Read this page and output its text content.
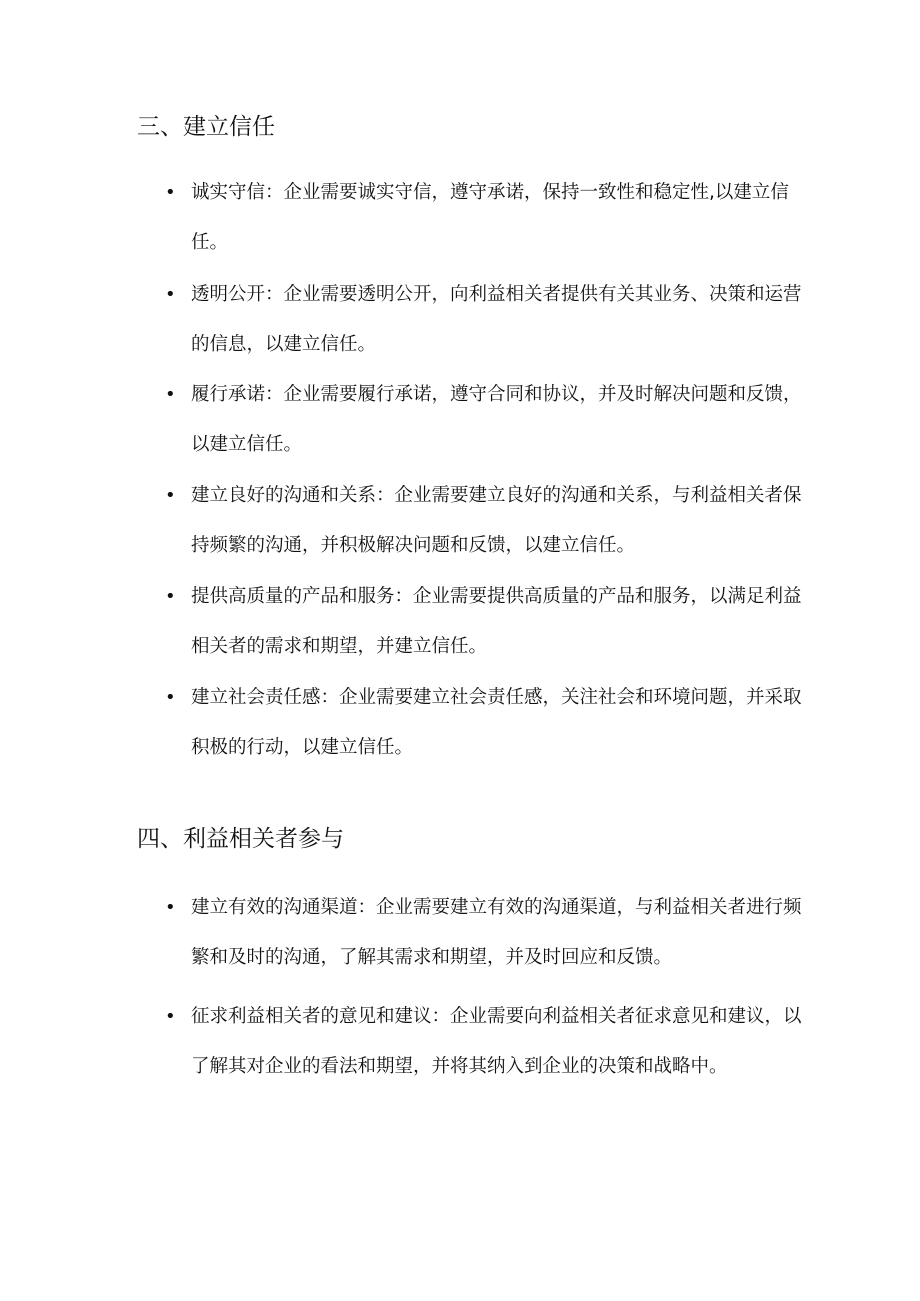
三、建立信任
• 诚实守信：企业需要诚实守信，遵守承诺，保持一致性和稳定性,以建立信任。
• 透明公开：企业需要透明公开，向利益相关者提供有关其业务、决策和运营的信息，以建立信任。
• 履行承诺：企业需要履行承诺，遵守合同和协议，并及时解决问题和反馈，以建立信任。
• 建立良好的沟通和关系：企业需要建立良好的沟通和关系，与利益相关者保持频繁的沟通，并积极解决问题和反馈，以建立信任。
• 提供高质量的产品和服务：企业需要提供高质量的产品和服务，以满足利益相关者的需求和期望，并建立信任。
• 建立社会责任感：企业需要建立社会责任感，关注社会和环境问题，并采取积极的行动，以建立信任。
四、利益相关者参与
• 建立有效的沟通渠道：企业需要建立有效的沟通渠道，与利益相关者进行频繁和及时的沟通，了解其需求和期望，并及时回应和反馈。
• 征求利益相关者的意见和建议：企业需要向利益相关者征求意见和建议，以了解其对企业的看法和期望，并将其纳入到企业的决策和战略中。
